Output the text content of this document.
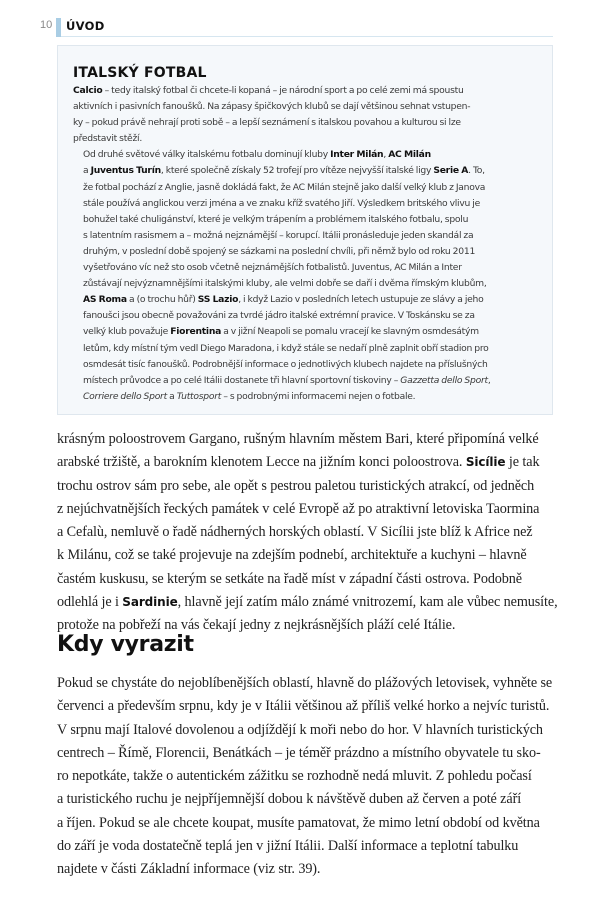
10 ÚVOD
ITALSKÝ FOTBAL

Calcio – tedy italský fotbal či chcete-li kopaná – je národní sport a po celé zemi má spoustu
aktivních i pasivních fanoušků. Na zápasy špičkových klubů se dají většinou sehnat vstupen-
ky – pokud právě nehrají proti sobě – a lepší seznámení s italskou povahou a kulturou si lze
představit stěží.

Od druhé světové války italskému fotbalu dominují kluby Inter Milán, AC Milán
a Juventus Turín, které společně získaly 52 trofejí pro vítěze nejvyšší italské ligy Serie A. To,
že fotbal pochází z Anglie, jasně dokládá fakt, že AC Milán stejně jako další velký klub z Janova
stále používá anglickou verzi jména a ve znaku kříž svatého Jiří. Výsledkem britského vlivu je
bohužel také chuligánství, které je velkým trápením a problémem italského fotbalu, spolu
s latentním rasismem a – možná nejznámější – korupcí. Itálii pronásleduje jeden skandál za
druhým, v poslední době spojený se sázkami na poslední chvíli, při němž bylo od roku 2011
vyšetřováno víc než sto osob včetně nejznámějších fotbalistů. Juventus, AC Milán a Inter
zůstávají nejvýznamnějšími italskými kluby, ale velmi dobře se daří i dvěma římským klubům,
AS Roma a (o trochu hůř) SS Lazio, i když Lazio v posledních letech ustupuje ze slávy a jeho
fanoušci jsou obecně považováni za tvrdé jádro italské extrémní pravice. V Toskánsku se za
velký klub považuje Fiorentina a v jižní Neapoli se pomalu vracejí ke slavným osmdesátým
letům, kdy místní tým vedl Diego Maradona, i když stále se nedaří plně zaplnit obří stadion pro
osmdesát tisíc fanoušků. Podrobnější informace o jednotlivých klubech najdete na příslušných
místech průvodce a po celé Itálii dostanete tři hlavní sportovní tiskoviny – Gazzetta dello Sport,
Corriere dello Sport a Tuttosport – s podrobnými informacemi nejen o fotbale.

krásným poloostrovem Gargano, rušným hlavním městem Bari, které připomíná velké
arabské tržiště, a barokním klenotem Lecce na jižním konci poloostrova. Sicílie je tak
trochu ostrov sám pro sebe, ale opět s pestrou paletou turistických atrakcí, od jedněch
z nejúchvatnějších řeckých památek v celé Evropě až po atraktivní letoviska Taormina
a Cefalù, nemluvě o řadě nádherných horských oblastí. V Sicílii jste blíž k Africe než
k Milánu, což se také projevuje na zdejším podnebí, architektuře a kuchyni – hlavně
častém kuskusu, se kterým se setkáte na řadě míst v západní části ostrova. Podobně
odlehlá je i Sardinie, hlavně její zatím málo známé vnitrozemí, kam ale vůbec nemusíte,
protože na pobřeží na vás čekají jedny z nejkrásnějších pláží celé Itálie.

Kdy vyrazit

Pokud se chystáte do nejoblíbenějších oblastí, hlavně do plážových letovisek, vyhněte se
červenci a především srpnu, kdy je v Itálii většinou až příliš velké horko a nejvíc turistů.
V srpnu mají Italové dovolenou a odjíždějí k moři nebo do hor. V hlavních turistických
centrech – Římě, Florencii, Benátkách – je téměř prázdno a místního obyvatele tu sko-
ro nepotkáte, takže o autentickém zážitku se rozhodně nedá mluvit. Z pohledu počasí
a turistického ruchu je nejpříjemnější dobou k návštěvě duben až červen a poté září
a říjen. Pokud se ale chcete koupat, musíte pamatovat, že mimo letní období od května
do září je voda dostatečně teplá jen v jižní Itálii. Další informace a teplotní tabulku
najdete v části Základní informace (viz str. 39).
